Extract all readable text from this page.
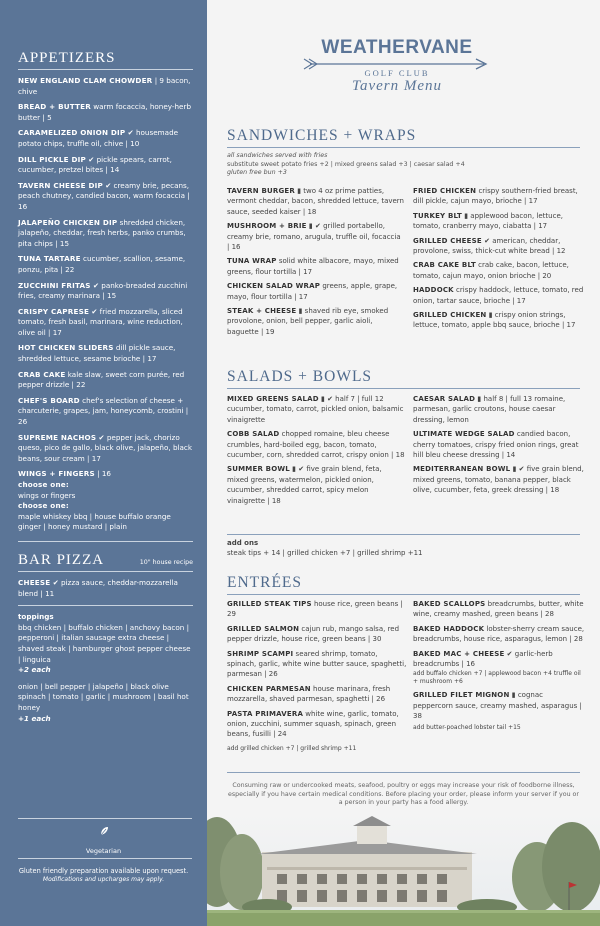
APPETIZERS
NEW ENGLAND CLAM CHOWDER | 9 bacon, chive
BREAD + BUTTER warm focaccia, honey-herb butter | 5
CARAMELIZED ONION DIP ✔ housemade potato chips, truffle oil, chive | 10
DILL PICKLE DIP ✔ pickle spears, carrot, cucumber, pretzel bites | 14
TAVERN CHEESE DIP ✔ creamy brie, pecans, peach chutney, candied bacon, warm focaccia | 16
JALAPEÑO CHICKEN DIP shredded chicken, jalapeño, cheddar, fresh herbs, panko crumbs, pita chips | 15
TUNA TARTARE cucumber, scallion, sesame, ponzu, pita | 22
ZUCCHINI FRITAS ✔ panko-breaded zucchini fries, creamy marinara | 15
CRISPY CAPRESE ✔ fried mozzarella, sliced tomato, fresh basil, marinara, wine reduction, olive oil | 17
HOT CHICKEN SLIDERS dill pickle sauce, shredded lettuce, sesame brioche | 17
CRAB CAKE kale slaw, sweet corn purée, red pepper drizzle | 22
CHEF'S BOARD chef's selection of cheese + charcuterie, grapes, jam, honeycomb, crostini | 26
SUPREME NACHOS ✔ pepper jack, chorizo queso, pico de gallo, black olive, jalapeño, black beans, sour cream | 17
WINGS + FINGERS | 16
choose one:
wings or fingers
choose one:
maple whiskey bbq | house buffalo orange ginger | honey mustard | plain
BAR PIZZA	10" house recipe
CHEESE ✔ pizza sauce, cheddar-mozzarella blend | 11
toppings
bbq chicken | buffalo chicken | anchovy bacon | pepperoni | italian sausage extra cheese | shaved steak | hamburger ghost pepper cheese | linguica
+2 each
onion | bell pepper | jalapeño | black olive spinach | tomato | garlic | mushroom | basil hot honey
+1 each
Vegetarian
Gluten friendly preparation available upon request.
Modifications and upcharges may apply.
WEATHERVANE
GOLF CLUB
Tavern Menu
SANDWICHES + WRAPS
all sandwiches served with fries
substitute sweet potato fries +2 | mixed greens salad +3 | caesar salad +4
gluten free bun +3
TAVERN BURGER ▮ two 4 oz prime patties, vermont cheddar, bacon, shredded lettuce, tavern sauce, seeded kaiser | 18
MUSHROOM + BRIE ▮ ✔ grilled portabello, creamy brie, romano, arugula, truffle oil, focaccia | 16
TUNA WRAP solid white albacore, mayo, mixed greens, flour tortilla | 17
CHICKEN SALAD WRAP greens, apple, grape, mayo, flour tortilla | 17
STEAK + CHEESE ▮ shaved rib eye, smoked provolone, onion, bell pepper, garlic aioli, baguette | 19
FRIED CHICKEN crispy southern-fried breast, dill pickle, cajun mayo, brioche | 17
TURKEY BLT ▮ applewood bacon, lettuce, tomato, cranberry mayo, ciabatta | 17
GRILLED CHEESE ✔ american, cheddar, provolone, swiss, thick-cut white bread | 12
CRAB CAKE BLT crab cake, bacon, lettuce, tomato, cajun mayo, onion brioche | 20
HADDOCK crispy haddock, lettuce, tomato, red onion, tartar sauce, brioche | 17
GRILLED CHICKEN ▮ crispy onion strings, lettuce, tomato, apple bbq sauce, brioche | 17
SALADS + BOWLS
MIXED GREENS SALAD ▮ ✔ half 7 | full 12 cucumber, tomato, carrot, pickled onion, balsamic vinaigrette
COBB SALAD chopped romaine, bleu cheese crumbles, hard-boiled egg, bacon, tomato, cucumber, corn, shredded carrot, crispy onion | 18
SUMMER BOWL ▮ ✔ five grain blend, feta, mixed greens, watermelon, pickled onion, cucumber, shredded carrot, spicy melon vinaigrette | 18
CAESAR SALAD ▮ half 8 | full 13 romaine, parmesan, garlic croutons, house caesar dressing, lemon
ULTIMATE WEDGE SALAD candied bacon, cherry tomatoes, crispy fried onion rings, great hill bleu cheese dressing | 14
MEDITERRANEAN BOWL ▮ ✔ five grain blend, mixed greens, tomato, banana pepper, black olive, cucumber, feta, greek dressing | 18
add ons
steak tips + 14 | grilled chicken +7 | grilled shrimp +11
ENTRÉES
GRILLED STEAK TIPS house rice, green beans | 29
GRILLED SALMON cajun rub, mango salsa, red pepper drizzle, house rice, green beans | 30
SHRIMP SCAMPI seared shrimp, tomato, spinach, garlic, white wine butter sauce, spaghetti, parmesan | 26
CHICKEN PARMESAN house marinara, fresh mozzarella, shaved parmesan, spaghetti | 26
PASTA PRIMAVERA white wine, garlic, tomato, onion, zucchini, summer squash, spinach, green beans, fusilli | 24
add grilled chicken +7 | grilled shrimp +11
BAKED SCALLOPS breadcrumbs, butter, white wine, creamy mashed, green beans | 28
BAKED HADDOCK lobster-sherry cream sauce, breadcrumbs, house rice, asparagus, lemon | 28
BAKED MAC + CHEESE ✔ garlic-herb breadcrumbs | 16
add buffalo chicken +7 | applewood bacon +4 truffle oil + mushroom +6
GRILLED FILET MIGNON ▮ cognac peppercorn sauce, creamy mashed, asparagus | 38
add butter-poached lobster tail +15
Consuming raw or undercooked meats, seafood, poultry or eggs may increase your risk of foodborne illness, especially if you have certain medical conditions. Before placing your order, please inform your server if you or a person in your party has a food allergy.
